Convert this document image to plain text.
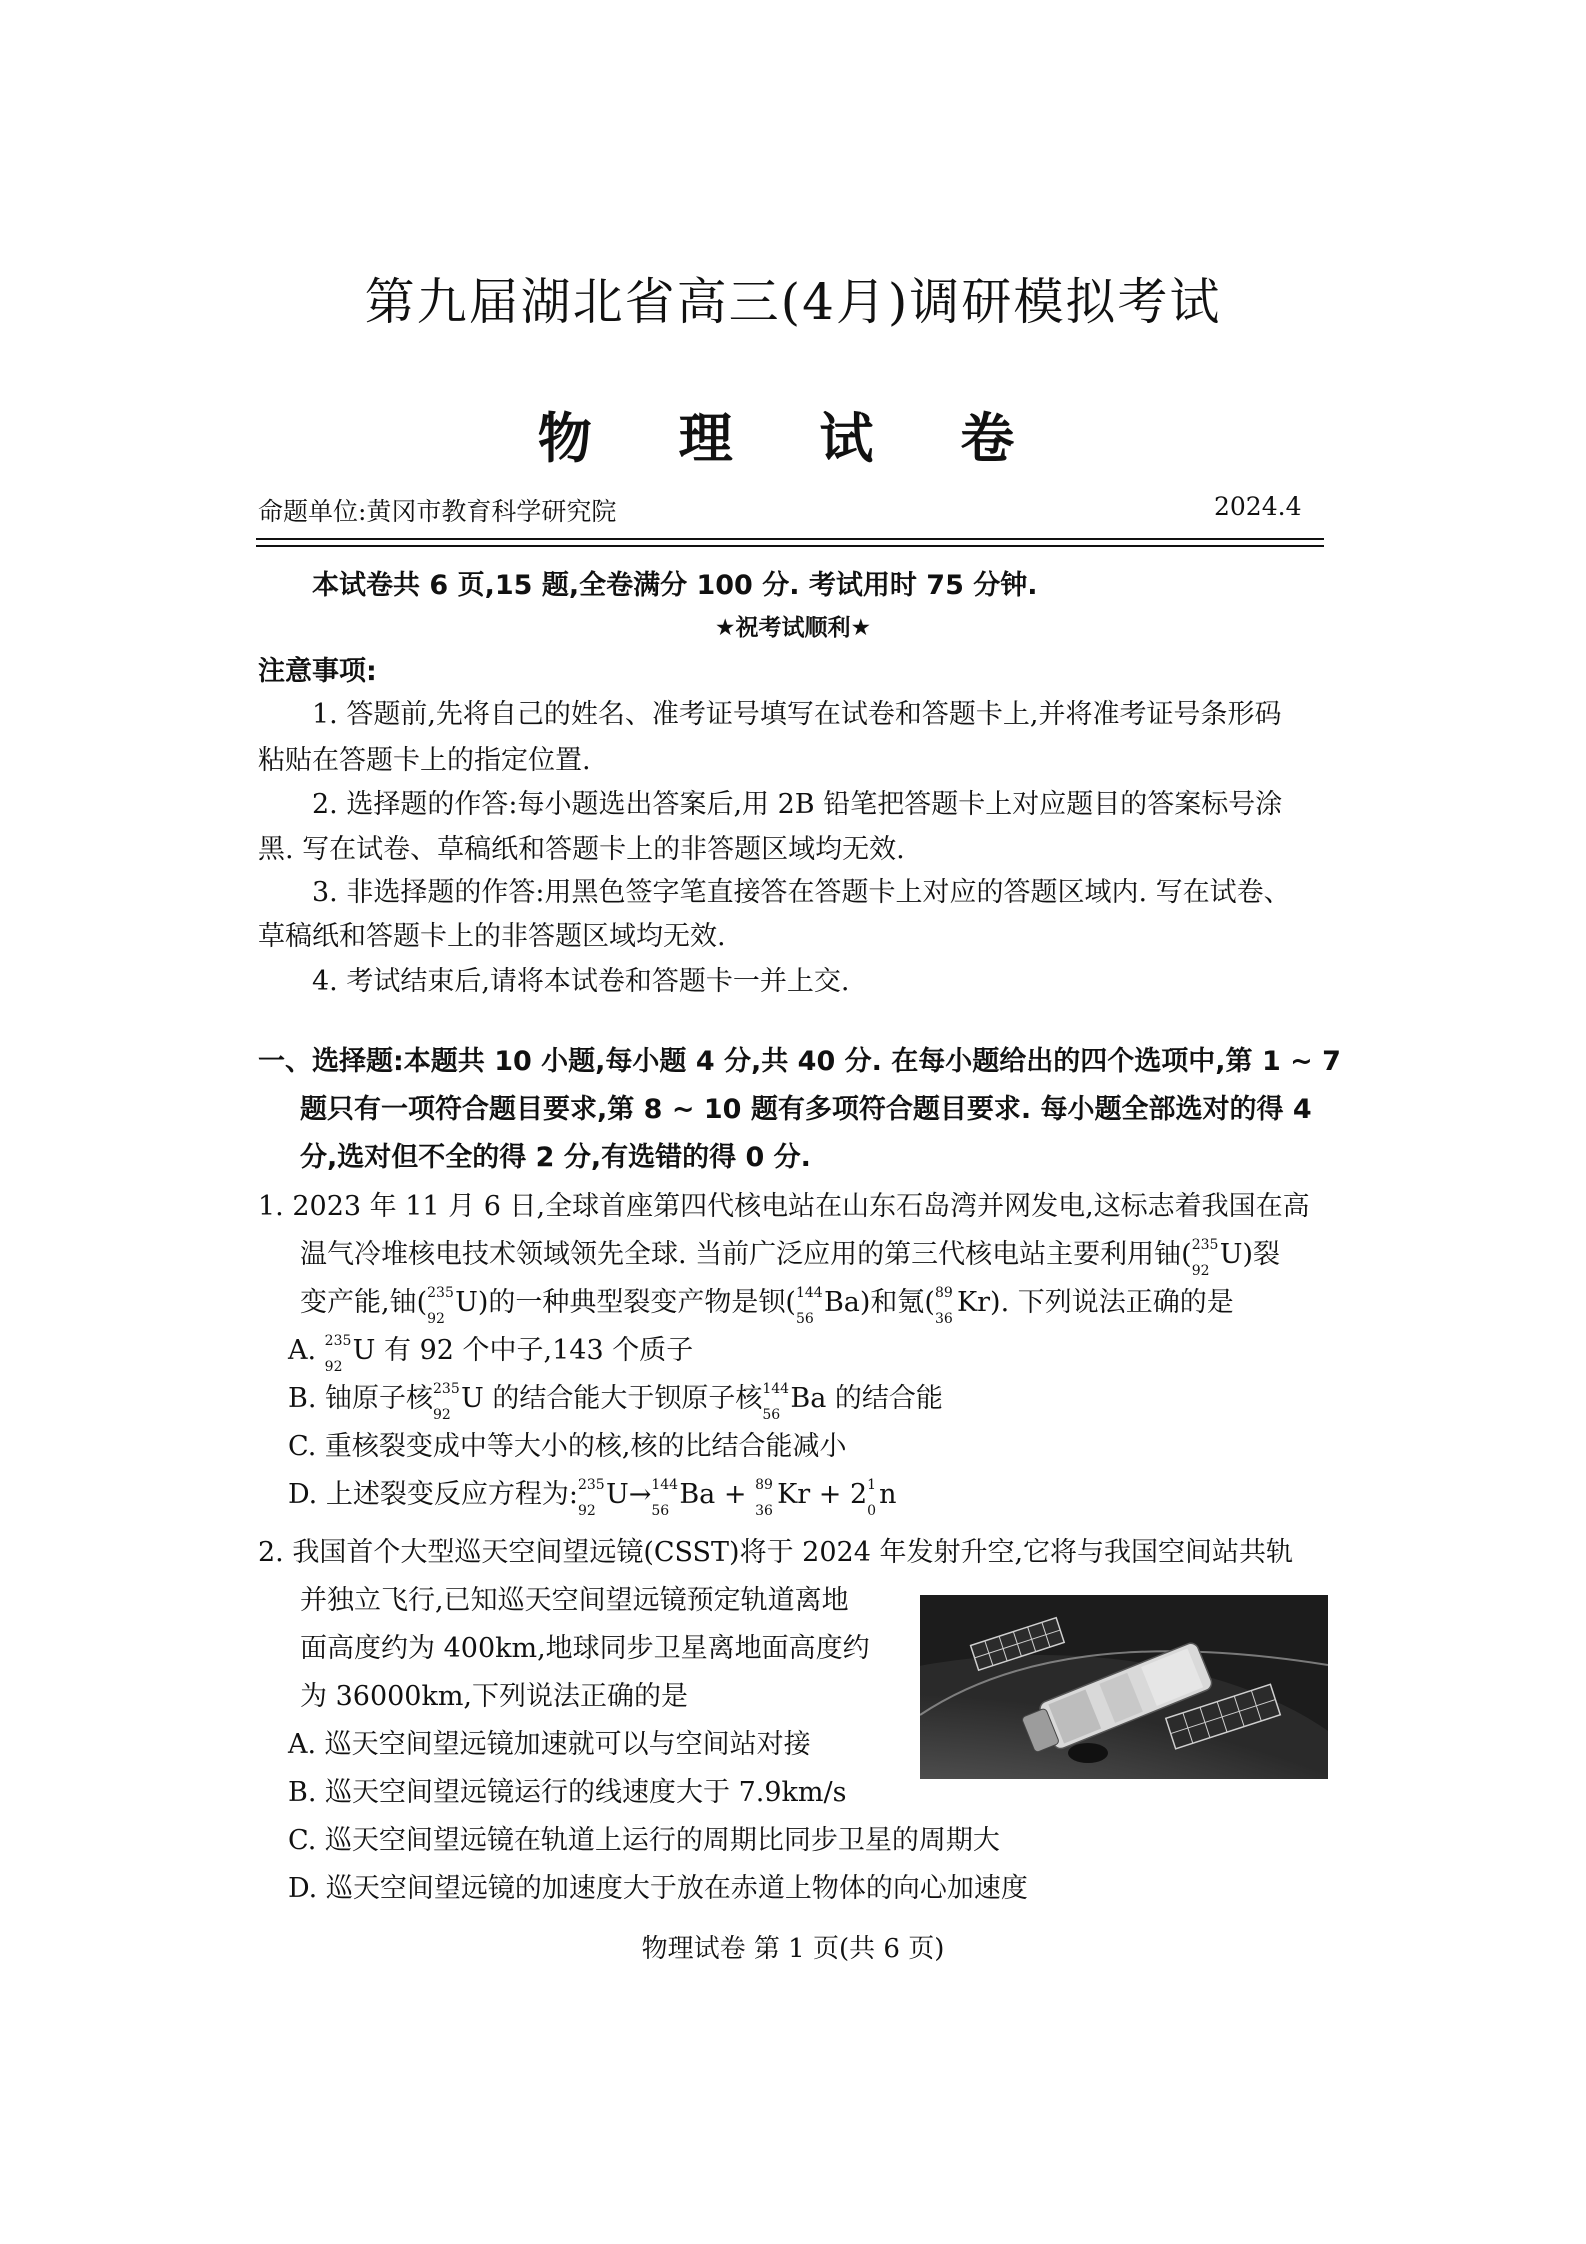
第九届湖北省高三(4月)调研模拟考试
物 理 试 卷
命题单位:黄冈市教育科学研究院	2024.4
本试卷共 6 页,15 题,全卷满分 100 分. 考试用时 75 分钟.
★祝考试顺利★
注意事项:
1. 答题前,先将自己的姓名、准考证号填写在试卷和答题卡上,并将准考证号条形码
粘贴在答题卡上的指定位置.
2. 选择题的作答:每小题选出答案后,用 2B 铅笔把答题卡上对应题目的答案标号涂
黑. 写在试卷、草稿纸和答题卡上的非答题区域均无效.
3. 非选择题的作答:用黑色签字笔直接答在答题卡上对应的答题区域内. 写在试卷、
草稿纸和答题卡上的非答题区域均无效.
4. 考试结束后,请将本试卷和答题卡一并上交.
一、选择题:本题共 10 小题,每小题 4 分,共 40 分. 在每小题给出的四个选项中,第 1 ~ 7
题只有一项符合题目要求,第 8 ~ 10 题有多项符合题目要求. 每小题全部选对的得 4
分,选对但不全的得 2 分,有选错的得 0 分.
1. 2023 年 11 月 6 日,全球首座第四代核电站在山东石岛湾并网发电,这标志着我国在高
温气冷堆核电技术领域领先全球. 当前广泛应用的第三代核电站主要利用铀( 235
92
U)裂
变产能,铀( 235
92
U)的一种典型裂变产物是钡( 144
56
Ba)和氪( 89
36
Kr). 下列说法正确的是
A. 235
92
U 有 92 个中子,143 个质子
B. 铀原子核 235
92
U 的结合能大于钡原子核 144
56
Ba 的结合能
C. 重核裂变成中等大小的核,核的比结合能减小
D. 上述裂变反应方程为: 235
92
U→ 144
56
Ba + 89
36
Kr + 2 1
0
n
2. 我国首个大型巡天空间望远镜(CSST)将于 2024 年发射升空,它将与我国空间站共轨
并独立飞行,已知巡天空间望远镜预定轨道离地
面高度约为 400km,地球同步卫星离地面高度约
为 36000km,下列说法正确的是
A. 巡天空间望远镜加速就可以与空间站对接
B. 巡天空间望远镜运行的线速度大于 7.9km/s
C. 巡天空间望远镜在轨道上运行的周期比同步卫星的周期大
D. 巡天空间望远镜的加速度大于放在赤道上物体的向心加速度
物理试卷 第 1 页(共 6 页)
